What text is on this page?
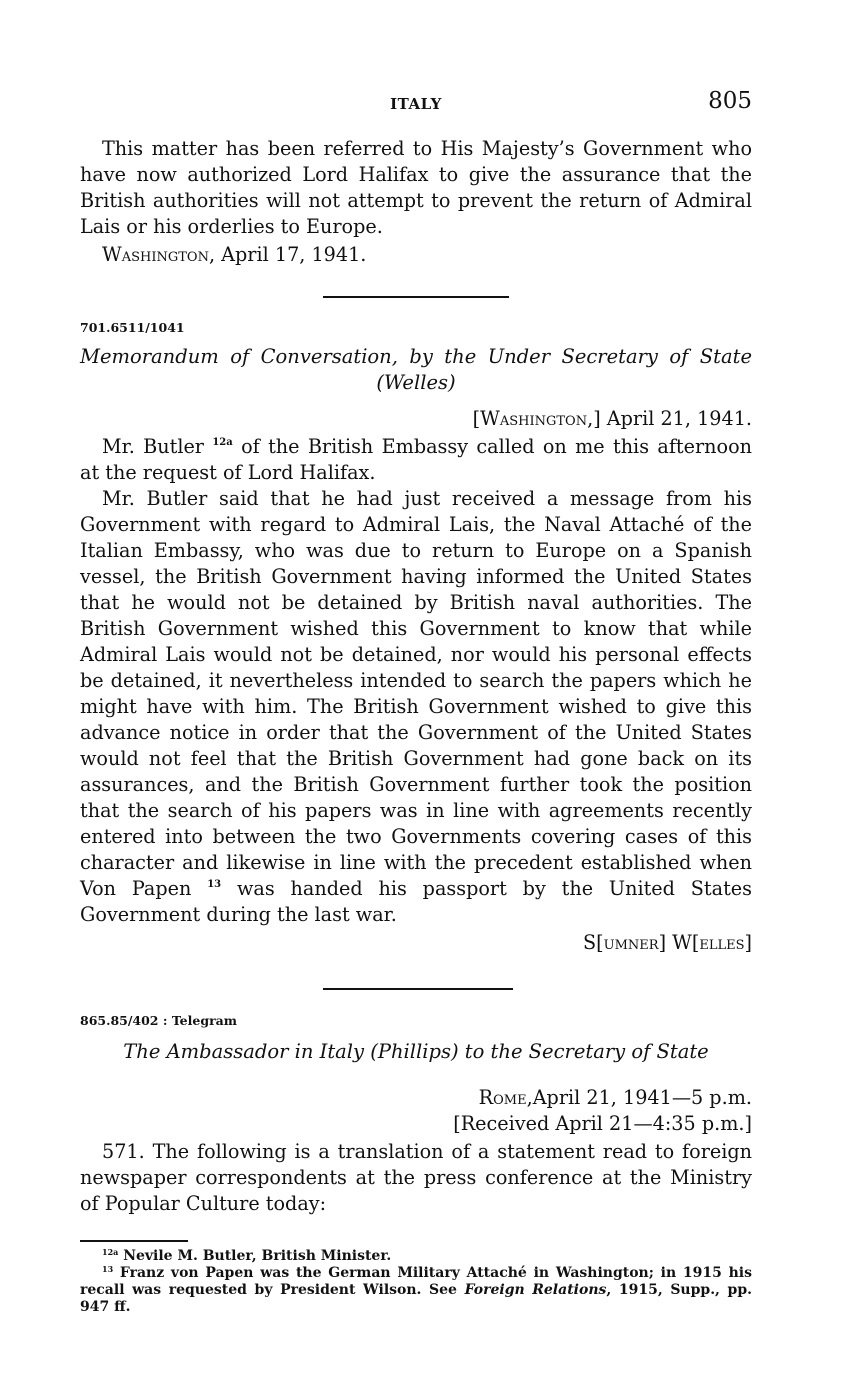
ITALY	805

This matter has been referred to His Majesty’s Government who have now authorized Lord Halifax to give the assurance that the British authorities will not attempt to prevent the return of Admiral Lais or his orderlies to Europe.

Washington, April 17, 1941.

701.6511/1041
Memorandum of Conversation, by the Under Secretary of State
(Welles)

[Washington,] April 21, 1941.

Mr. Butler $^{12a}$ of the British Embassy called on me this afternoon at the request of Lord Halifax.

Mr. Butler said that he had just received a message from his Government with regard to Admiral Lais, the Naval Attaché of the Italian Embassy, who was due to return to Europe on a Spanish vessel, the British Government having informed the United States that he would not be detained by British naval authorities. The British Government wished this Government to know that while Admiral Lais would not be detained, nor would his personal effects be detained, it nevertheless intended to search the papers which he might have with him. The British Government wished to give this advance notice in order that the Government of the United States would not feel that the British Government had gone back on its assurances, and the British Government further took the position that the search of his papers was in line with agreements recently entered into between the two Governments covering cases of this character and likewise in line with the precedent established when Von Papen $^{13}$ was handed his passport by the United States Government during the last war.

S[umner] W[elles]

865.85/402 : Telegram
The Ambassador in Italy (Phillips) to the Secretary of State

Rome,April 21, 1941—5 p.m.

[Received April 21—4:35 p.m.]

571. The following is a translation of a statement read to foreign newspaper correspondents at the press conference at the Ministry of Popular Culture today:

$^{12a}$ Nevile M. Butler, British Minister.

$^{13}$ Franz von Papen was the German Military Attaché in Washington; in 1915 his recall was requested by President Wilson. See Foreign Relations, 1915, Supp., pp. 947 ff.
